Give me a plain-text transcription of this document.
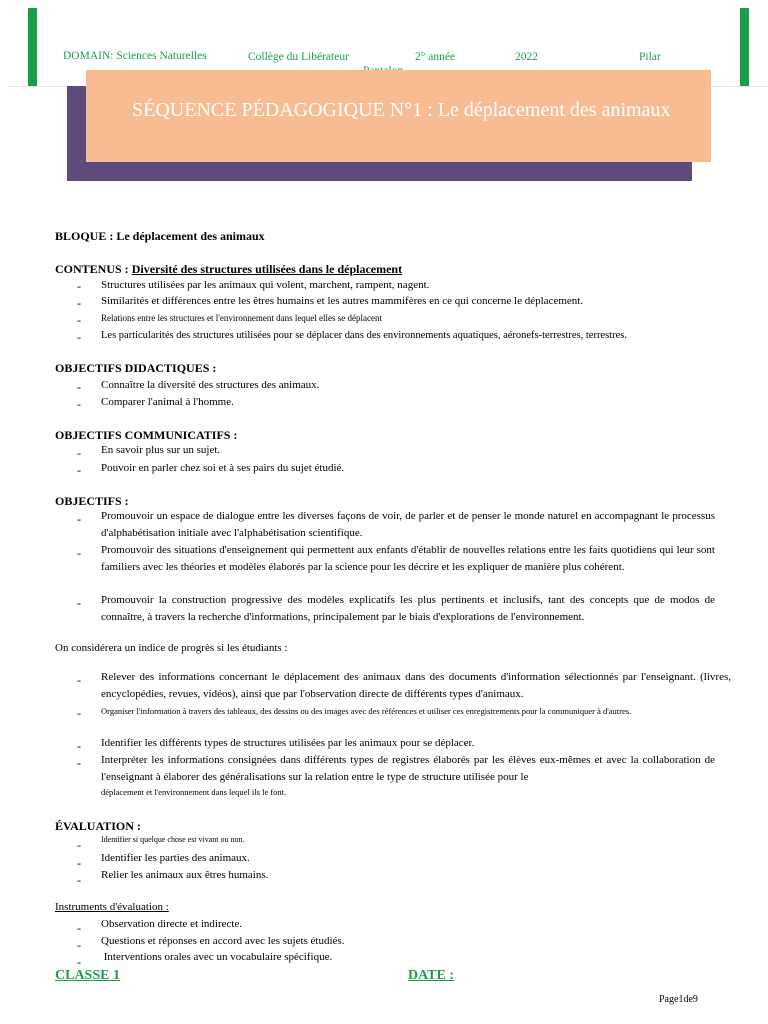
DOMAIN: Sciences Naturelles	Collège du Libérateur	2° année	2022	Pilar
SÉQUENCE PÉDAGOGIQUE N°1 : Le déplacement des animaux
BLOQUE : Le déplacement des animaux
CONTENUS : Diversité des structures utilisées dans le déplacement
- Structures utilisées par les animaux qui volent, marchent, rampent, nagent.
- Similarités et différences entre les êtres humains et les autres mammifères en ce qui concerne le déplacement.
- Relations entre les structures et l'environnement dans lequel elles se déplacent
- Les particularités des structures utilisées pour se déplacer dans des environnements aquatiques, aéronefs-terrestres, terrestres.
OBJECTIFS DIDACTIQUES :
- Connaître la diversité des structures des animaux.
- Comparer l'animal à l'homme.
OBJECTIFS COMMUNICATIFS :
- En savoir plus sur un sujet.
- Pouvoir en parler chez soi et à ses pairs du sujet étudié.
OBJECTIFS :
- Promouvoir un espace de dialogue entre les diverses façons de voir, de parler et de penser le monde naturel en accompagnant le processus d'alphabétisation initiale avec l'alphabétisation scientifique.
- Promouvoir des situations d'enseignement qui permettent aux enfants d'établir de nouvelles relations entre les faits quotidiens qui leur sont familiers avec les théories et modèles élaborés par la science pour les décrire et les expliquer de manière plus cohérent.
- Promouvoir la construction progressive des modèles explicatifs les plus pertinents et inclusifs, tant des concepts que de modos de connaître, à travers la recherche d'informations, principalement par le biais d'explorations de l'environnement.
On considérera un indice de progrès si les étudiants :
- Relever des informations concernant le déplacement des animaux dans des documents d'information sélectionnés par l'enseignant. (livres, encyclopédies, revues, vidéos), ainsi que par l'observation directe de différents types d'animaux.
- Organiser l'information à travers des tableaux, des dessins ou des images avec des références et utiliser ces enregistrements pour la communiquer à d'autres.
- Identifier les différents types de structures utilisées par les animaux pour se déplacer.
- Interpréter les informations consignées dans différents types de registres élaborés par les élèves eux-mêmes et avec la collaboration de l'enseignant à élaborer des généralisations sur la relation entre le type de structure utilisée pour le
déplacement et l'environnement dans lequel ils le font.
ÉVALUATION :
-	Identifier si quelque chose est vivant ou non.
- Identifier les parties des animaux.
- Relier les animaux aux êtres humains.
Instruments d'évaluation :
- Observation directe et indirecte.
- Questions et réponses en accord avec les sujets étudiés.
- Interventions orales avec un vocabulaire spécifique.
CLASSE 1	DATE :
Page1de9
